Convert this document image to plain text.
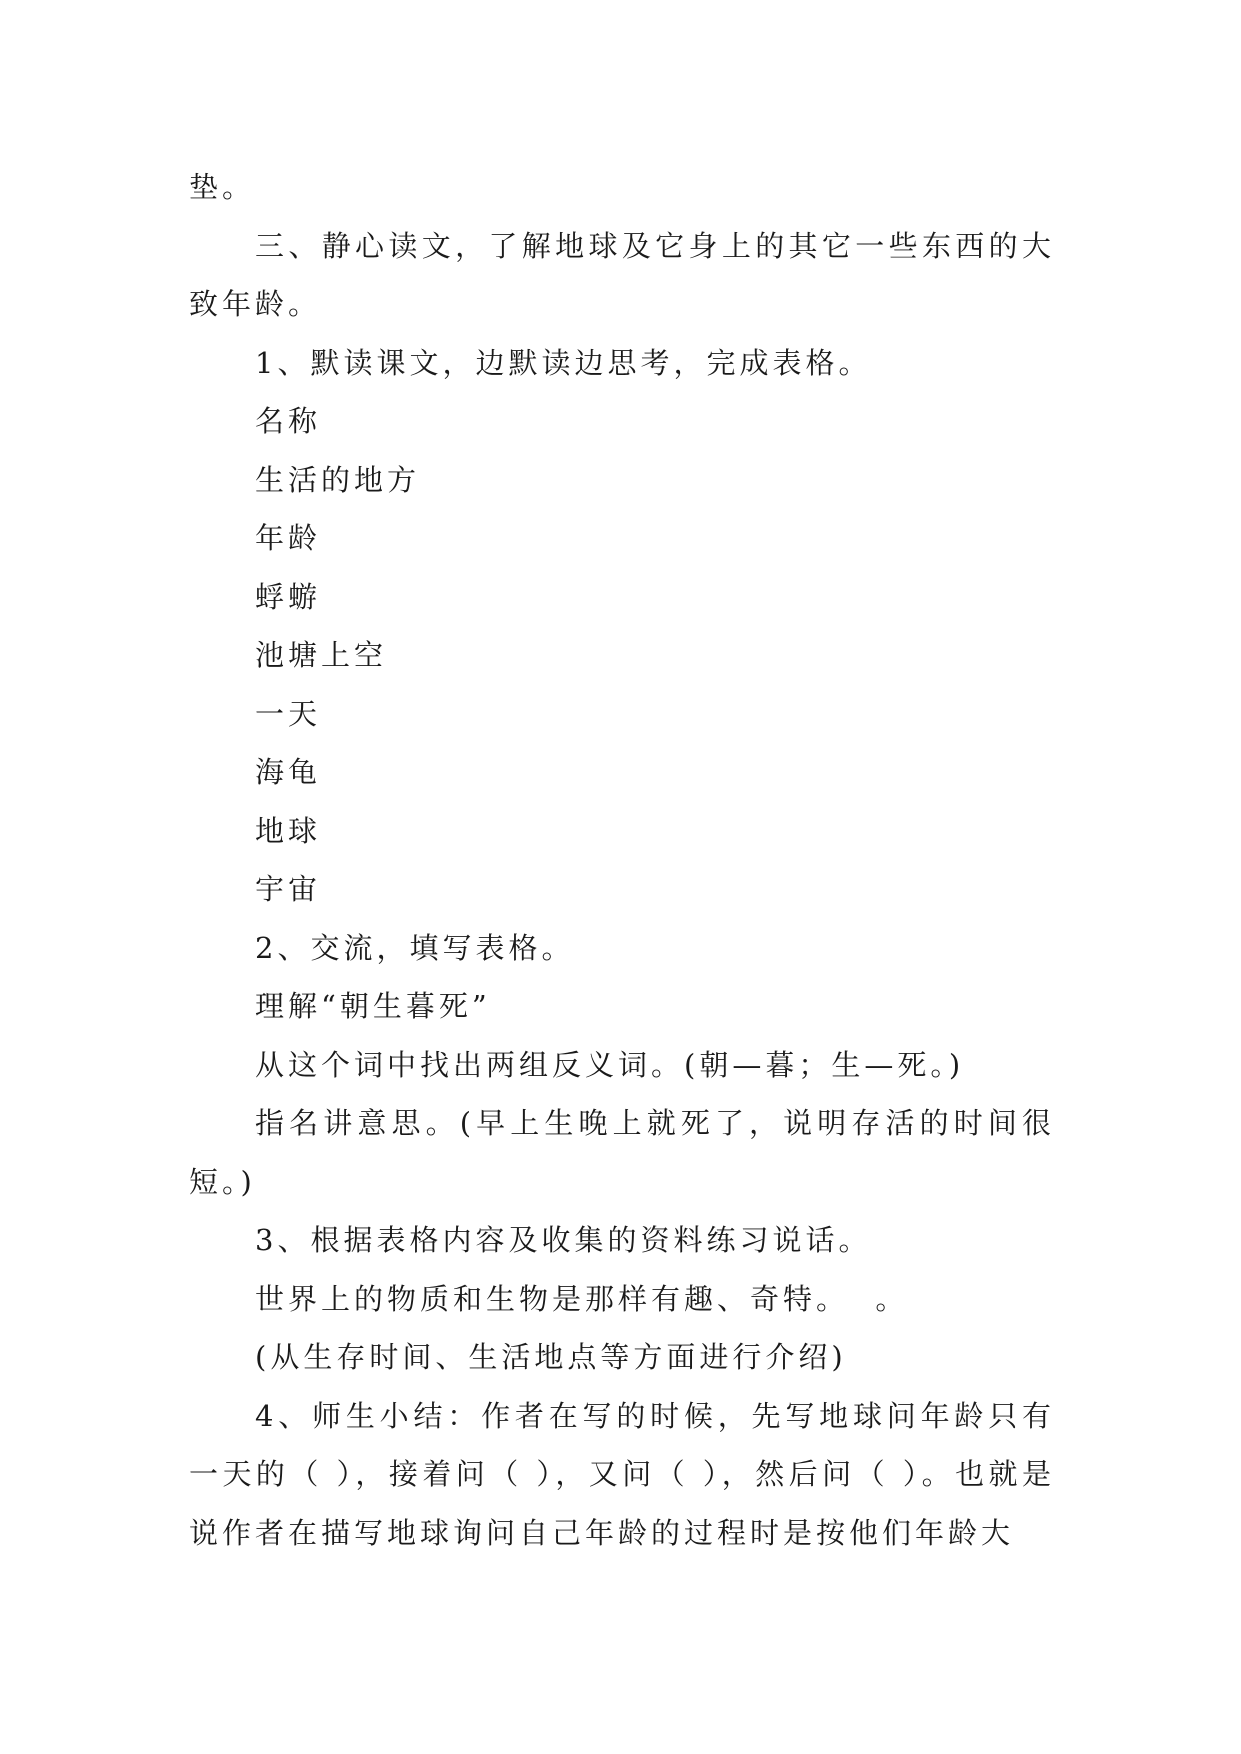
垫。

三、静心读文，了解地球及它身上的其它一些东西的大致年龄。

1、默读课文，边默读边思考，完成表格。

名称

生活的地方

年龄

蜉蝣

池塘上空

一天

海龟

地球

宇宙

2、交流，填写表格。

理解“朝生暮死”

从这个词中找出两组反义词。(朝—暮；生—死。)

指名讲意思。(早上生晚上就死了，说明存活的时间很短。)

3、根据表格内容及收集的资料练习说话。

世界上的物质和生物是那样有趣、奇特。  。

(从生存时间、生活地点等方面进行介绍)

4、师生小结：作者在写的时候，先写地球问年龄只有一天的（ ），接着问（ ），又问（ ），然后问（ ）。也就是说作者在描写地球询问自己年龄的过程时是按他们年龄大
